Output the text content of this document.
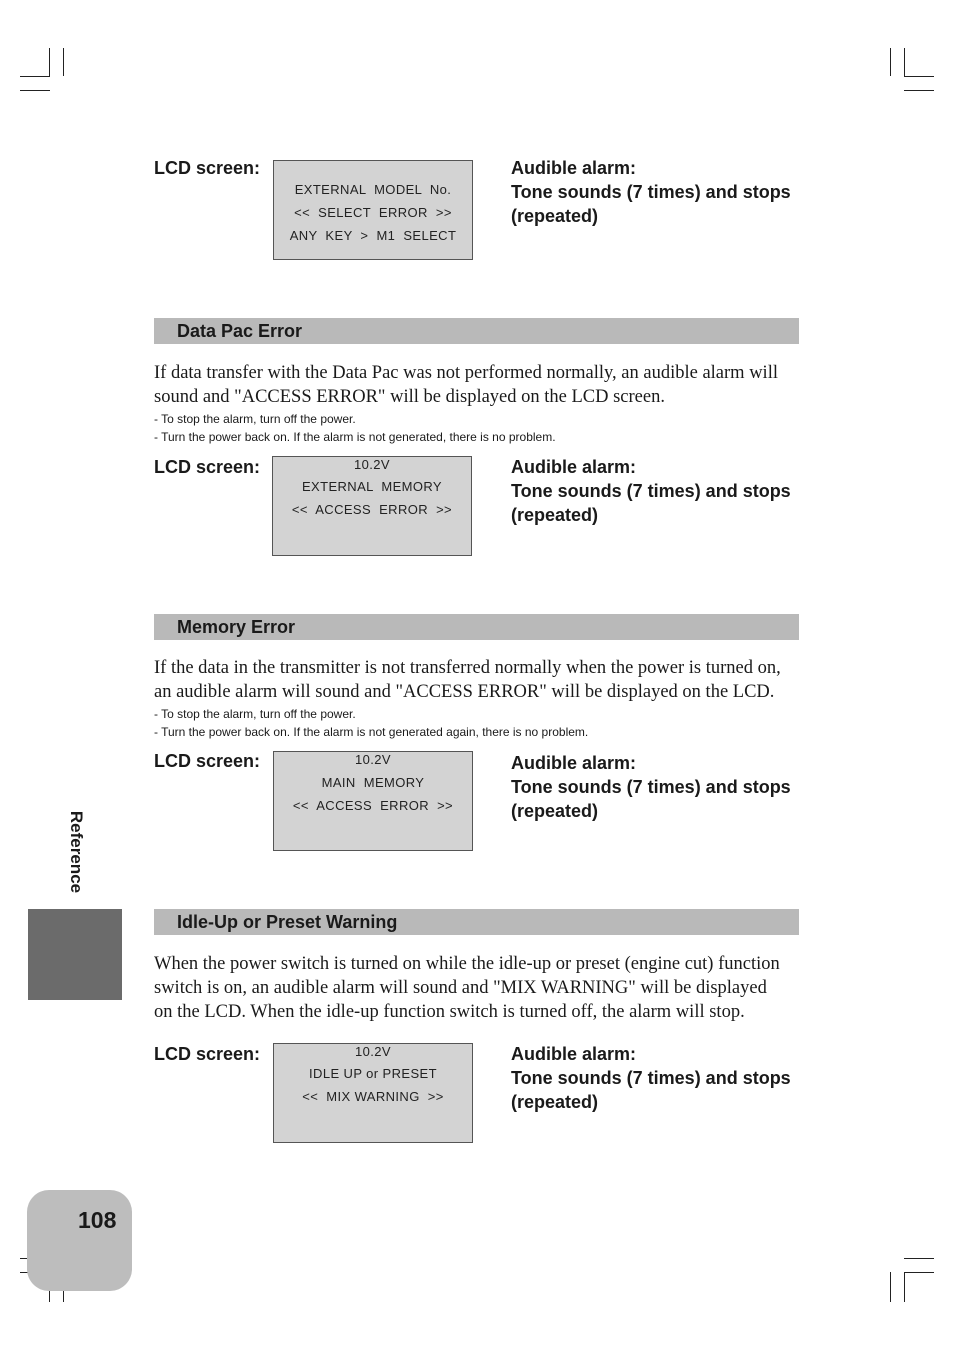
LCD screen:
EXTERNAL  MODEL  No.
<<  SELECT  ERROR  >>
ANY  KEY  >  M1  SELECT
Audible alarm:
Tone sounds (7 times) and stops
(repeated)
Data Pac Error
If data transfer with the Data Pac was not performed normally, an audible alarm will
sound and "ACCESS ERROR" will be displayed on the LCD screen.
- To stop the alarm, turn off the power.
- Turn the power back on. If the alarm is not generated, there is no problem.
LCD screen:	10.2V
EXTERNAL  MEMORY
<<  ACCESS  ERROR  >>
Audible alarm:
Tone sounds (7 times) and stops
(repeated)
Memory Error
If the data in the transmitter is not transferred normally when the power is turned on,
an audible alarm will sound and "ACCESS ERROR" will be displayed on the LCD.
- To stop the alarm, turn off the power.
- Turn the power back on. If the alarm is not generated again, there is no problem.
LCD screen:	10.2V
MAIN  MEMORY
<<  ACCESS  ERROR  >>
Audible alarm:
Tone sounds (7 times) and stops
(repeated)
Idle-Up or Preset Warning
When the power switch is turned on while the idle-up or preset (engine cut) function
switch is on, an audible alarm will sound and "MIX WARNING" will be displayed
on the LCD. When the idle-up function switch is turned off, the alarm will stop.
LCD screen:	10.2V
IDLE UP or PRESET
<<  MIX WARNING  >>
Audible alarm:
Tone sounds (7 times) and stops
(repeated)
Reference
108
